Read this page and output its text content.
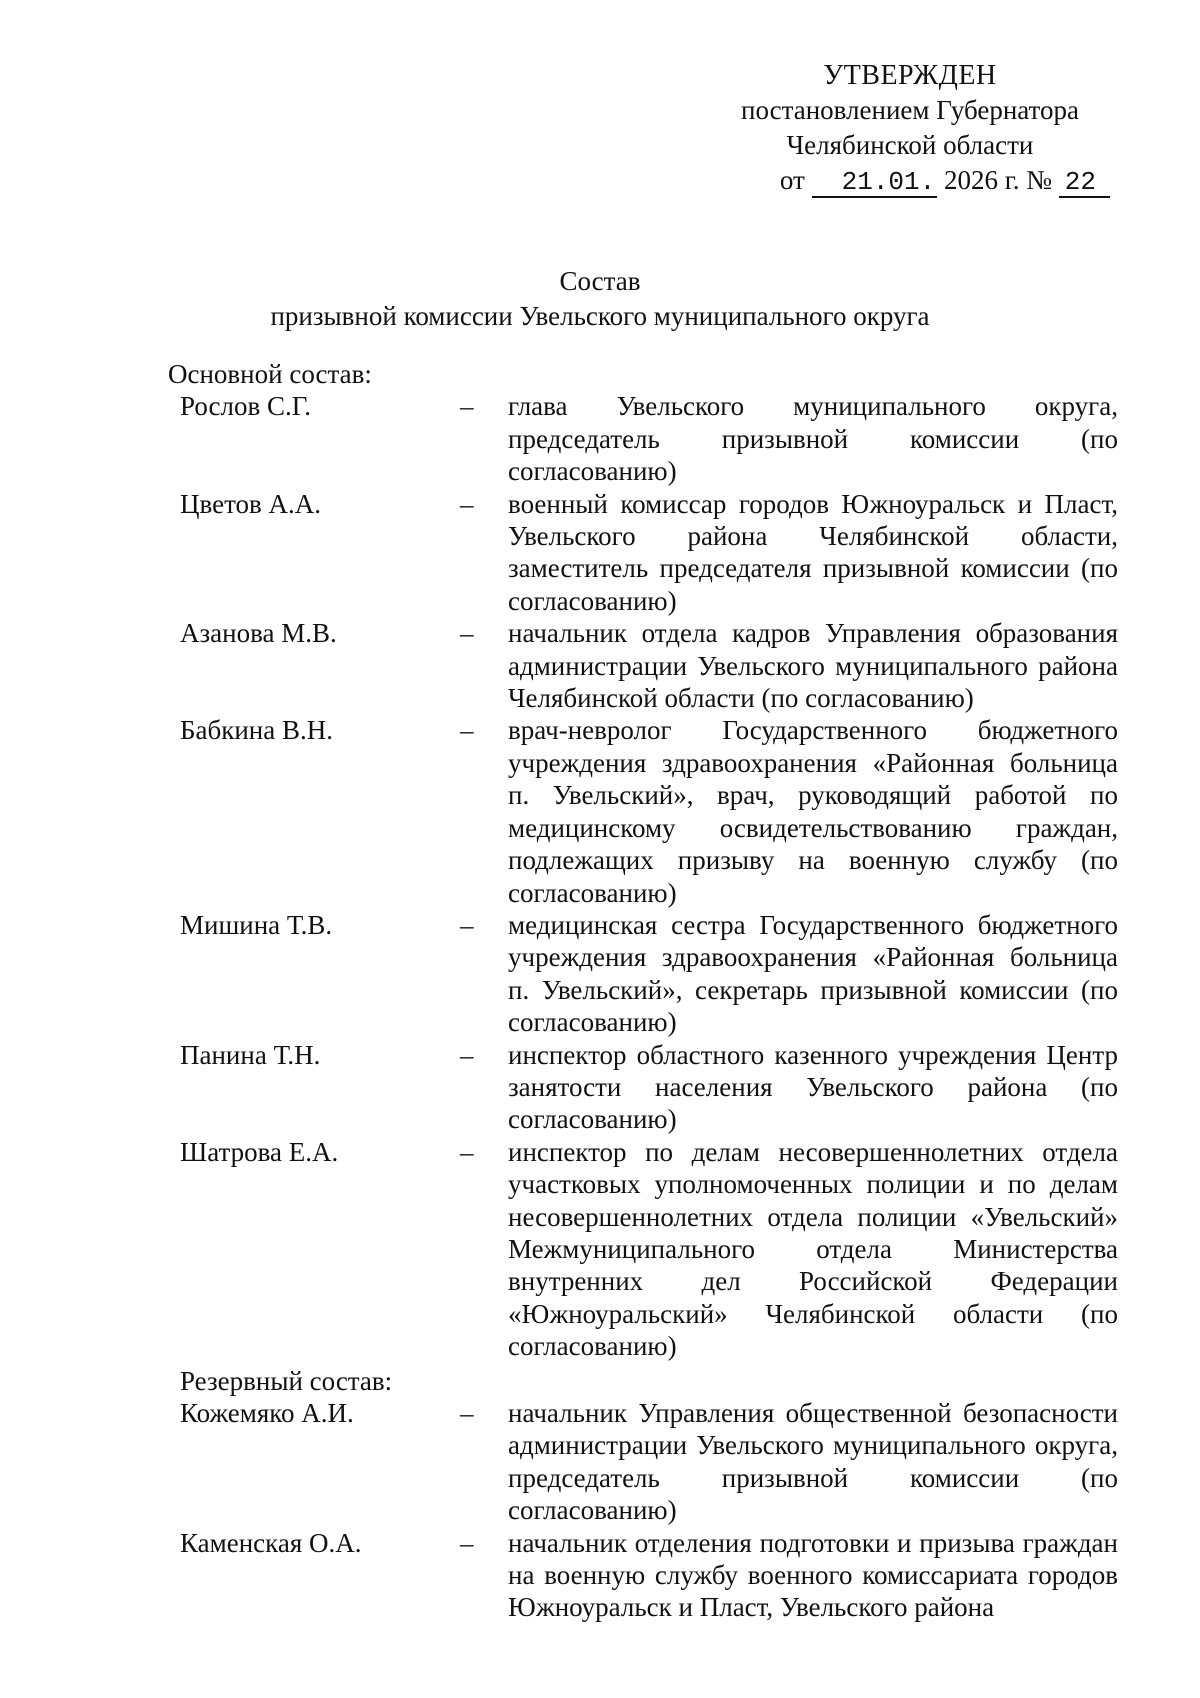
УТВЕРЖДЕН
постановлением Губернатора
Челябинской области
от 21.01. 2026 г. № 22
Состав
призывной комиссии Увельского муниципального округа
Основной состав:
Рослов С.Г.	–	глава Увельского муниципального округа, председатель призывной комиссии (по согласованию)
Цветов А.А.	–	военный комиссар городов Южноуральск и Пласт, Увельского района Челябинской области, заместитель председателя призывной комиссии (по согласованию)
Азанова М.В.	–	начальник отдела кадров Управления образования администрации Увельского муниципального района Челябинской области (по согласованию)
Бабкина В.Н.	–	врач-невролог Государственного бюджетного учреждения здравоохранения «Районная больница п. Увельский», врач, руководящий работой по медицинскому освидетельствованию граждан, подлежащих призыву на военную службу (по согласованию)
Мишина Т.В.	–	медицинская сестра Государственного бюджетного учреждения здравоохранения «Районная больница п. Увельский», секретарь призывной комиссии (по согласованию)
Панина Т.Н.	–	инспектор областного казенного учреждения Центр занятости населения Увельского района (по согласованию)
Шатрова Е.А.	–	инспектор по делам несовершеннолетних отдела участковых уполномоченных полиции и по делам несовершеннолетних отдела полиции «Увельский» Межмуниципального отдела Министерства внутренних дел Российской Федерации «Южноуральский» Челябинской области (по согласованию)
Резервный состав:
Кожемяко А.И.	–	начальник Управления общественной безопасности администрации Увельского муниципального округа, председатель призывной комиссии (по согласованию)
Каменская О.А.	–	начальник отделения подготовки и призыва граждан на военную службу военного комиссариата городов Южноуральск и Пласт, Увельского района
